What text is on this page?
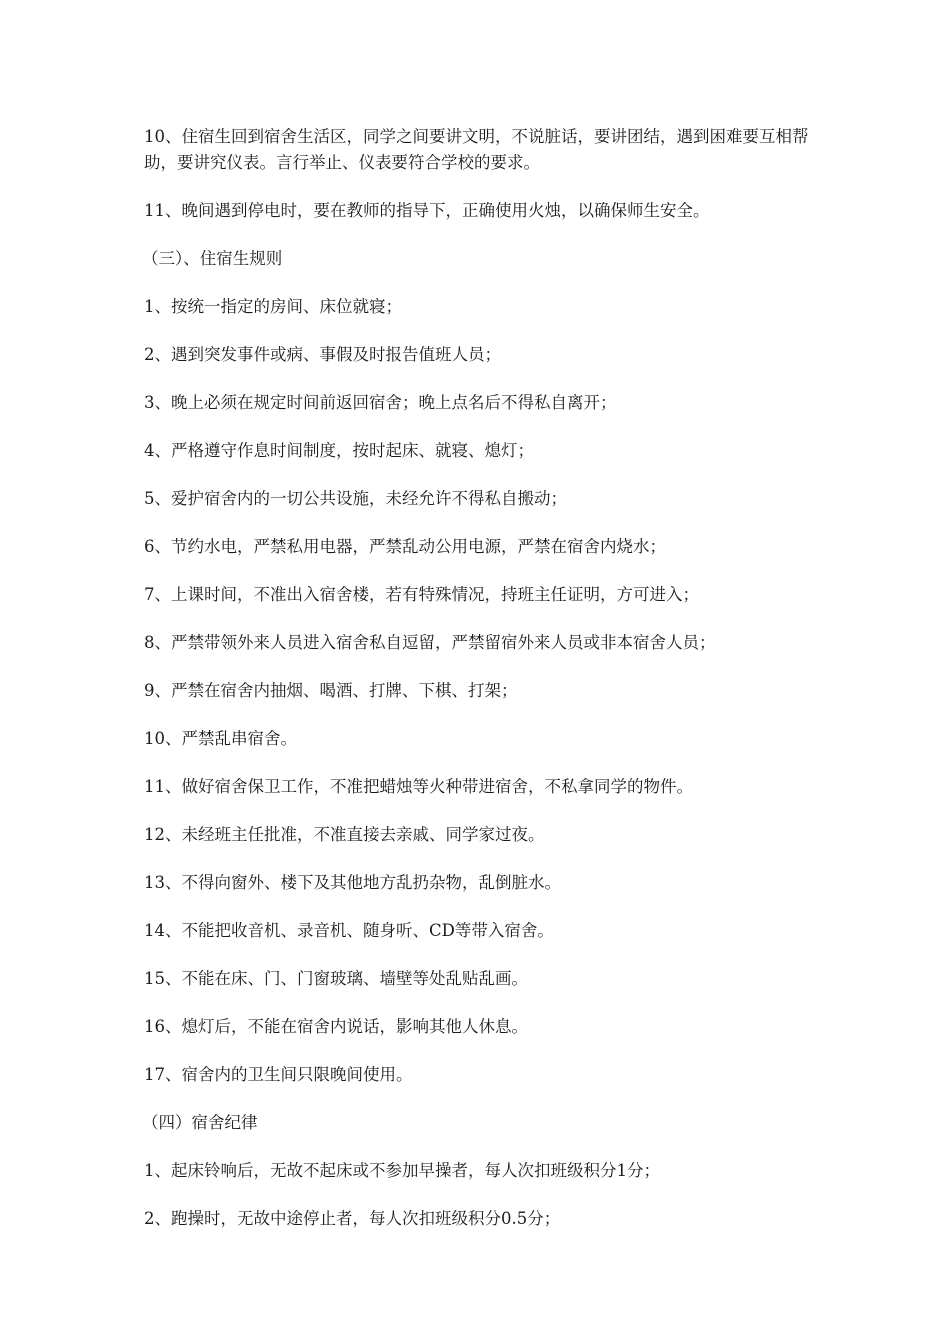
10、住宿生回到宿舍生活区，同学之间要讲文明，不说脏话，要讲团结，遇到困难要互相帮助，要讲究仪表。言行举止、仪表要符合学校的要求。

11、晚间遇到停电时，要在教师的指导下，正确使用火烛，以确保师生安全。

（三）、住宿生规则

1、按统一指定的房间、床位就寝；

2、遇到突发事件或病、事假及时报告值班人员；

3、晚上必须在规定时间前返回宿舍；晚上点名后不得私自离开；

4、严格遵守作息时间制度，按时起床、就寝、熄灯；

5、爱护宿舍内的一切公共设施，未经允许不得私自搬动；

6、节约水电，严禁私用电器，严禁乱动公用电源，严禁在宿舍内烧水；

7、上课时间，不准出入宿舍楼，若有特殊情况，持班主任证明，方可进入；

8、严禁带领外来人员进入宿舍私自逗留，严禁留宿外来人员或非本宿舍人员；

9、严禁在宿舍内抽烟、喝酒、打牌、下棋、打架；

10、严禁乱串宿舍。

11、做好宿舍保卫工作，不准把蜡烛等火种带进宿舍，不私拿同学的物件。

12、未经班主任批准，不准直接去亲戚、同学家过夜。

13、不得向窗外、楼下及其他地方乱扔杂物，乱倒脏水。

14、不能把收音机、录音机、随身听、CD等带入宿舍。

15、不能在床、门、门窗玻璃、墙壁等处乱贴乱画。

16、熄灯后，不能在宿舍内说话，影响其他人休息。

17、宿舍内的卫生间只限晚间使用。

（四）宿舍纪律

1、起床铃响后，无故不起床或不参加早操者，每人次扣班级积分1分；

2、跑操时，无故中途停止者，每人次扣班级积分0.5分；
